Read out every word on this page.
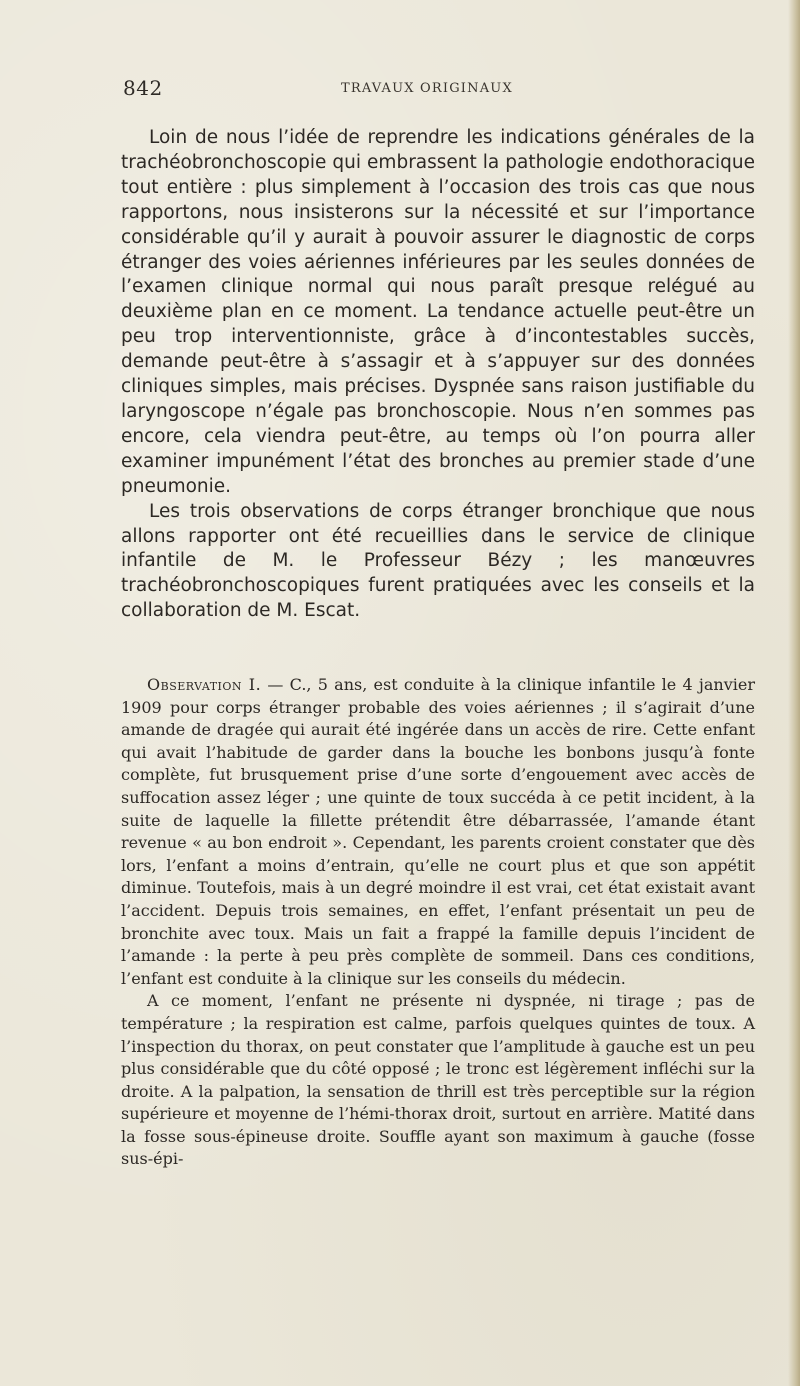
842	TRAVAUX ORIGINAUX

Loin de nous l’idée de reprendre les indications générales de la trachéobronchoscopie qui embrassent la pathologie endothoracique tout entière : plus simplement à l’occasion des trois cas que nous rapportons, nous insisterons sur la nécessité et sur l’importance considérable qu’il y aurait à pouvoir assurer le diagnostic de corps étranger des voies aériennes inférieures par les seules données de l’examen clinique normal qui nous paraît presque relégué au deuxième plan en ce moment. La tendance actuelle peut-être un peu trop interventionniste, grâce à d’incontestables succès, demande peut-être à s’assagir et à s’appuyer sur des données cliniques simples, mais précises. Dyspnée sans raison justifiable du laryngoscope n’égale pas bronchoscopie. Nous n’en sommes pas encore, cela viendra peut-être, au temps où l’on pourra aller examiner impunément l’état des bronches au premier stade d’une pneumonie.

Les trois observations de corps étranger bronchique que nous allons rapporter ont été recueillies dans le service de clinique infantile de M. le Professeur Bézy ; les manœuvres trachéobronchoscopiques furent pratiquées avec les conseils et la collaboration de M. Escat.

Observation I. — C., 5 ans, est conduite à la clinique infantile le 4 janvier 1909 pour corps étranger probable des voies aériennes ; il s’agirait d’une amande de dragée qui aurait été ingérée dans un accès de rire. Cette enfant qui avait l’habitude de garder dans la bouche les bonbons jusqu’à fonte complète, fut brusquement prise d’une sorte d’engouement avec accès de suffocation assez léger ; une quinte de toux succéda à ce petit incident, à la suite de laquelle la fillette prétendit être débarrassée, l’amande étant revenue « au bon endroit ». Cependant, les parents croient constater que dès lors, l’enfant a moins d’entrain, qu’elle ne court plus et que son appétit diminue. Toutefois, mais à un degré moindre il est vrai, cet état existait avant l’accident. Depuis trois semaines, en effet, l’enfant présentait un peu de bronchite avec toux. Mais un fait a frappé la famille depuis l’incident de l’amande : la perte à peu près complète de sommeil. Dans ces conditions, l’enfant est conduite à la clinique sur les conseils du médecin.

A ce moment, l’enfant ne présente ni dyspnée, ni tirage ; pas de température ; la respiration est calme, parfois quelques quintes de toux. A l’inspection du thorax, on peut constater que l’amplitude à gauche est un peu plus considérable que du côté opposé ; le tronc est légèrement infléchi sur la droite. A la palpation, la sensation de thrill est très perceptible sur la région supérieure et moyenne de l’hémi-thorax droit, surtout en arrière. Matité dans la fosse sous-épineuse droite. Souffle ayant son maximum à gauche (fosse sus-épi-
